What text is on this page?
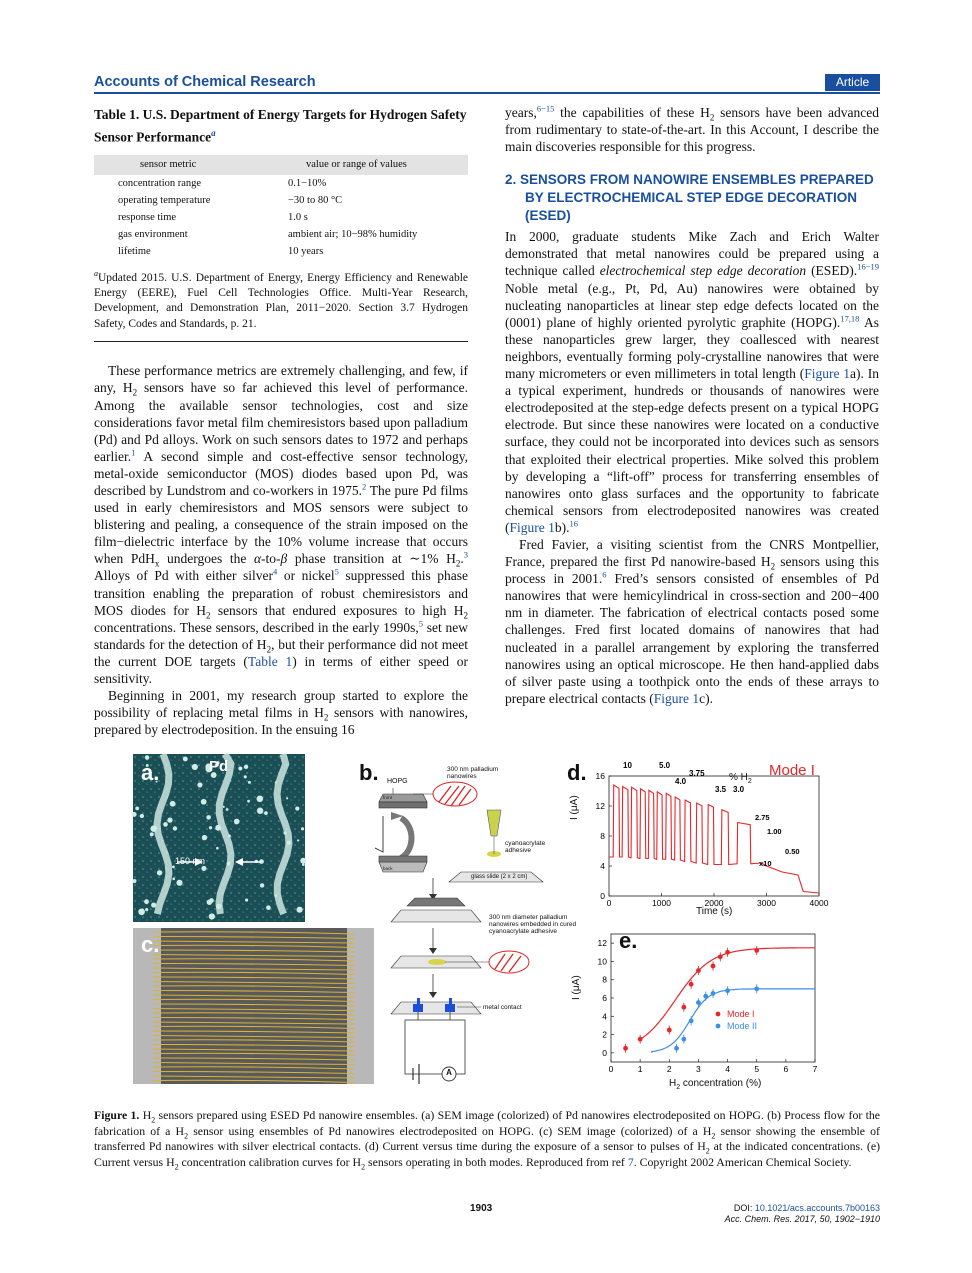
Accounts of Chemical Research	Article
Table 1. U.S. Department of Energy Targets for Hydrogen Safety Sensor Performance$^a$
sensor metric	value or range of values
concentration range	0.1−10%
operating temperature	−30 to 80 °C
response time	1.0 s
gas environment	ambient air; 10−98% humidity
lifetime	10 years
$^a$Updated 2015. U.S. Department of Energy, Energy Efficiency and Renewable Energy (EERE), Fuel Cell Technologies Office. Multi-Year Research, Development, and Demonstration Plan, 2011−2020. Section 3.7 Hydrogen Safety, Codes and Standards, p. 21.

These performance metrics are extremely challenging, and few, if any, $H_2$ sensors have so far achieved this level of performance. Among the available sensor technologies, cost and size considerations favor metal film chemiresistors based upon palladium (Pd) and Pd alloys. Work on such sensors dates to 1972 and perhaps earlier.$^1$ A second simple and cost-effective sensor technology, metal-oxide semiconductor (MOS) diodes based upon Pd, was described by Lundstrom and co-workers in 1975.$^2$ The pure Pd films used in early chemiresistors and MOS sensors were subject to blistering and pealing, a consequence of the strain imposed on the film−dielectric interface by the 10% volume increase that occurs when PdH$_x$ undergoes the α-to-β phase transition at ∼1% $H_2.^3$ Alloys of Pd with either silver$^4$ or nickel$^5$ suppressed this phase transition enabling the preparation of robust chemiresistors and MOS diodes for $H_2$ sensors that endured exposures to high $H_2$ concentrations. These sensors, described in the early 1990s,$^5$ set new standards for the detection of $H_2$, but their performance did not meet the current DOE targets (Table 1) in terms of either speed or sensitivity.

Beginning in 2001, my research group started to explore the possibility of replacing metal films in $H_2$ sensors with nanowires, prepared by electrodeposition. In the ensuing 16

years,$^{6-15}$ the capabilities of these $H_2$ sensors have been advanced from rudimentary to state-of-the-art. In this Account, I describe the main discoveries responsible for this progress.

2. SENSORS FROM NANOWIRE ENSEMBLES PREPARED BY ELECTROCHEMICAL STEP EDGE DECORATION (ESED)

In 2000, graduate students Mike Zach and Erich Walter demonstrated that metal nanowires could be prepared using a technique called electrochemical step edge decoration (ESED).$^{16-19}$ Noble metal (e.g., Pt, Pd, Au) nanowires were obtained by nucleating nanoparticles at linear step edge defects located on the (0001) plane of highly oriented pyrolytic graphite (HOPG).$^{17,18}$ As these nanoparticles grew larger, they coallesced with nearest neighbors, eventually forming poly-crystalline nanowires that were many micrometers or even millimeters in total length (Figure 1a). In a typical experiment, hundreds or thousands of nanowires were electrodeposited at the step-edge defects present on a typical HOPG electrode. But since these nanowires were located on a conductive surface, they could not be incorporated into devices such as sensors that exploited their electrical properties. Mike solved this problem by developing a “lift-off” process for transferring ensembles of nanowires onto glass surfaces and the opportunity to fabricate chemical sensors from electrodeposited nanowires was created (Figure 1b).$^{16}$

Fred Favier, a visiting scientist from the CNRS Montpellier, France, prepared the first Pd nanowire-based $H_2$ sensors using this process in 2001.$^6$ Fred’s sensors consisted of ensembles of Pd nanowires that were hemicylindrical in cross-section and 200−400 nm in diameter. The fabrication of electrical contacts posed some challenges. Fred first located domains of nanowires that had nucleated in a parallel arrangement by exploring the transferred nanowires using an optical microscope. He then hand-applied dabs of silver paste using a toothpick onto the ends of these arrays to prepare electrical contacts (Figure 1c).

a.	Pd
150 nm
c.
b. HOPG
300 nm palladium nanowires
front
back
cyanoacrylate adhesive
glass slide (2 x 2 cm)
300 nm diameter palladium nanowires embedded in cured cyanoacrylate adhesive
metal contact
A
0	1000	2000	3000	4000
0
4
8
12
16
10	5.0
4.0
3.75
3.5 3.0
2.75
1.00
0.50
x10
d.	Mode I
% $H_2$
I (μA)
Time (s)
0	1	2	3	4	5	6	7
0
2
4
6
8
10
12
Mode I
Mode II
e.
I (μA)
$H_2$ concentration (%)
Figure 1. $H_2$ sensors prepared using ESED Pd nanowire ensembles. (a) SEM image (colorized) of Pd nanowires electrodeposited on HOPG. (b) Process flow for the fabrication of a $H_2$ sensor using ensembles of Pd nanowires electrodeposited on HOPG. (c) SEM image (colorized) of a $H_2$ sensor showing the ensemble of transferred Pd nanowires with silver electrical contacts. (d) Current versus time during the exposure of a sensor to pulses of $H_2$ at the indicated concentrations. (e) Current versus $H_2$ concentration calibration curves for $H_2$ sensors operating in both modes. Reproduced from ref 7. Copyright 2002 American Chemical Society.
1903	DOI: 10.1021/acs.accounts.7b00163
Acc. Chem. Res. 2017, 50, 1902−1910
